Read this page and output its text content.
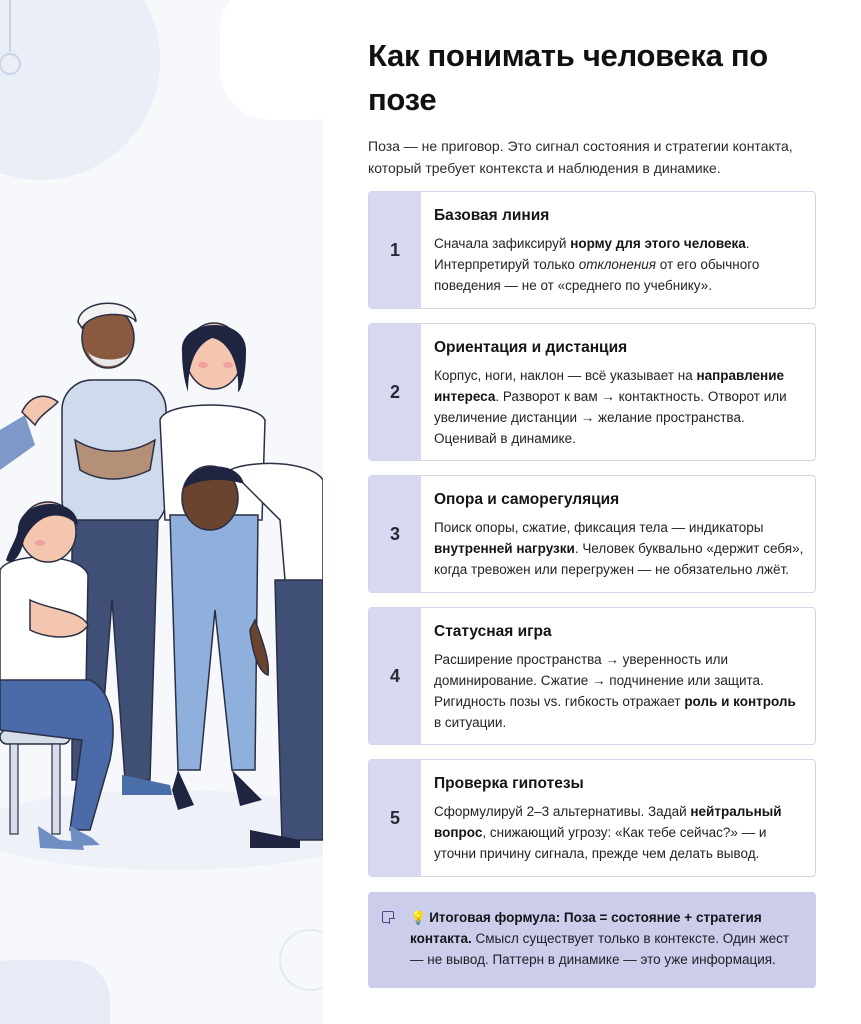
Как понимать человека по позе

Поза — не приговор. Это сигнал состояния и стратегии контакта, который требует контекста и наблюдения в динамике.

1
Базовая линия
Сначала зафиксируй норму для этого человека. Интерпретируй только отклонения от его обычного поведения — не от «среднего по учебнику».
2
Ориентация и дистанция
Корпус, ноги, наклон — всё указывает на направление интереса. Разворот к вам → контактность. Отворот или увеличение дистанции → желание пространства. Оценивай в динамике.
3
Опора и саморегуляция
Поиск опоры, сжатие, фиксация тела — индикаторы внутренней нагрузки. Человек буквально «держит себя», когда тревожен или перегружен — не обязательно лжёт.
4
Статусная игра
Расширение пространства → уверенность или доминирование. Сжатие → подчинение или защита. Ригидность позы vs. гибкость отражает роль и контроль в ситуации.
5
Проверка гипотезы
Сформулируй 2–3 альтернативы. Задай нейтральный вопрос, снижающий угрозу: «Как тебе сейчас?» — и уточни причину сигнала, прежде чем делать вывод.

💡 Итоговая формула: Поза = состояние + стратегия контакта. Смысл существует только в контексте. Один жест — не вывод. Паттерн в динамике — это уже информация.
